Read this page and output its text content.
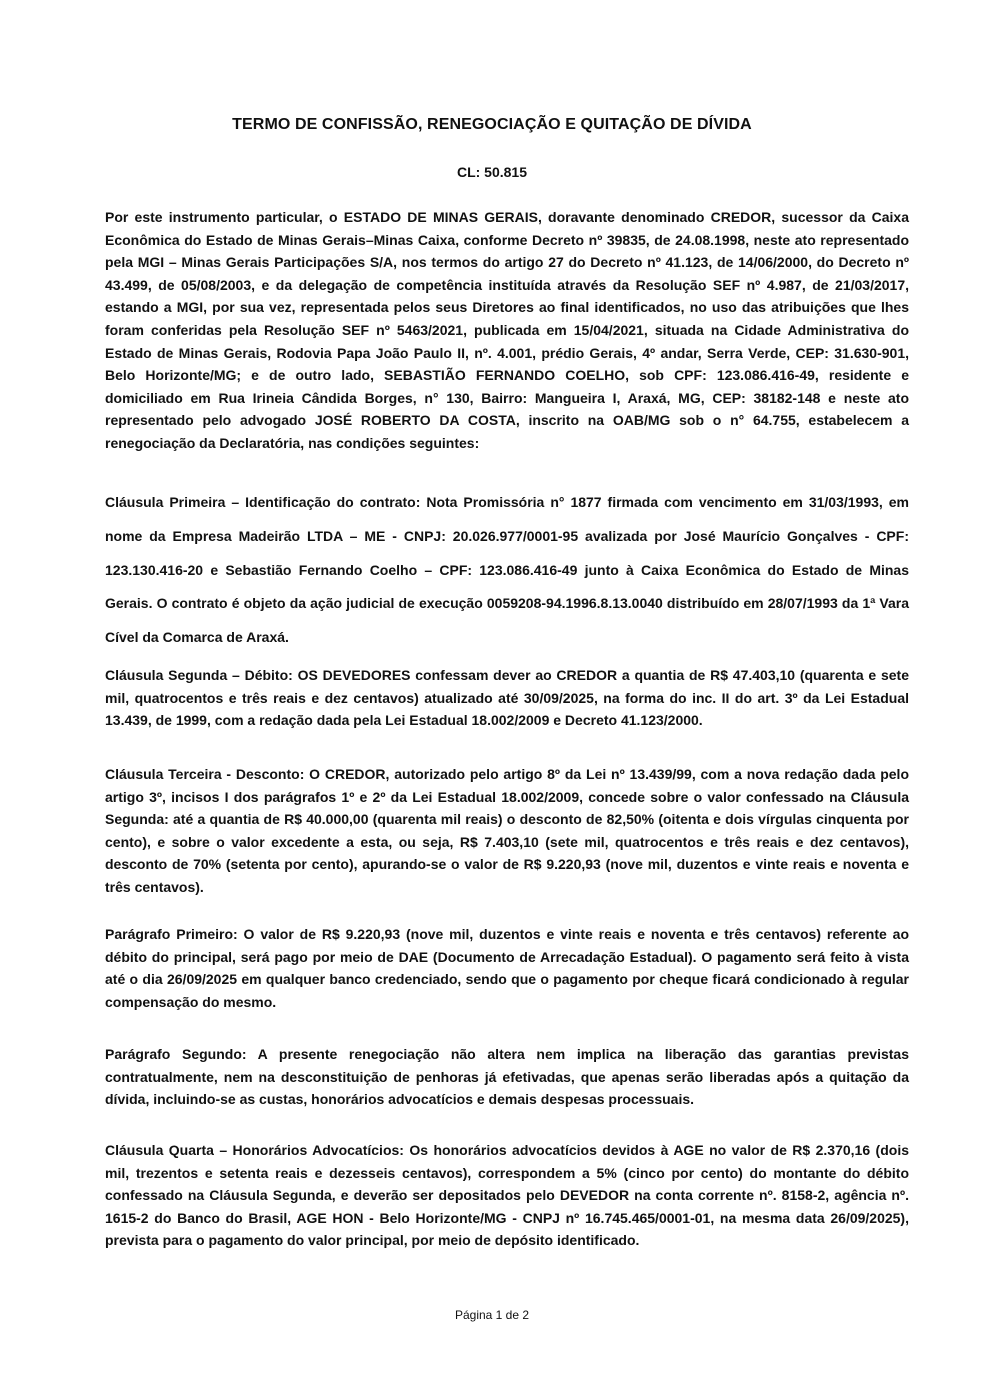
TERMO DE CONFISSÃO, RENEGOCIAÇÃO E QUITAÇÃO DE DÍVIDA
CL: 50.815
Por este instrumento particular, o ESTADO DE MINAS GERAIS, doravante denominado CREDOR, sucessor da Caixa Econômica do Estado de Minas Gerais–Minas Caixa, conforme Decreto nº 39835, de 24.08.1998, neste ato representado pela MGI – Minas Gerais Participações S/A, nos termos do artigo 27 do Decreto nº 41.123, de 14/06/2000, do Decreto nº 43.499, de 05/08/2003, e da delegação de competência instituída através da Resolução SEF nº 4.987, de 21/03/2017, estando a MGI, por sua vez, representada pelos seus Diretores ao final identificados, no uso das atribuições que lhes foram conferidas pela Resolução SEF nº 5463/2021, publicada em 15/04/2021, situada na Cidade Administrativa do Estado de Minas Gerais, Rodovia Papa João Paulo II, nº. 4.001, prédio Gerais, 4º andar, Serra Verde, CEP: 31.630-901, Belo Horizonte/MG; e de outro lado, SEBASTIÃO FERNANDO COELHO, sob CPF: 123.086.416-49, residente e domiciliado em Rua Irineia Cândida Borges, n° 130, Bairro: Mangueira I, Araxá, MG, CEP: 38182-148 e neste ato representado pelo advogado JOSÉ ROBERTO DA COSTA, inscrito na OAB/MG sob o n° 64.755, estabelecem a renegociação da Declaratória, nas condições seguintes:
Cláusula Primeira – Identificação do contrato: Nota Promissória n° 1877 firmada com vencimento em 31/03/1993, em nome da Empresa Madeirão LTDA – ME - CNPJ: 20.026.977/0001-95 avalizada por José Maurício Gonçalves - CPF: 123.130.416-20 e Sebastião Fernando Coelho – CPF: 123.086.416-49 junto à Caixa Econômica do Estado de Minas Gerais. O contrato é objeto da ação judicial de execução 0059208-94.1996.8.13.0040 distribuído em 28/07/1993 da 1ª Vara Cível da Comarca de Araxá.
Cláusula Segunda – Débito: OS DEVEDORES confessam dever ao CREDOR a quantia de R$ 47.403,10 (quarenta e sete mil, quatrocentos e três reais e dez centavos) atualizado até 30/09/2025, na forma do inc. II do art. 3º da Lei Estadual 13.439, de 1999, com a redação dada pela Lei Estadual 18.002/2009 e Decreto 41.123/2000.
Cláusula Terceira - Desconto: O CREDOR, autorizado pelo artigo 8º da Lei nº 13.439/99, com a nova redação dada pelo artigo 3º, incisos I dos parágrafos 1º e 2º da Lei Estadual 18.002/2009, concede sobre o valor confessado na Cláusula Segunda: até a quantia de R$ 40.000,00 (quarenta mil reais) o desconto de 82,50% (oitenta e dois vírgulas cinquenta por cento), e sobre o valor excedente a esta, ou seja, R$ 7.403,10 (sete mil, quatrocentos e três reais e dez centavos), desconto de 70% (setenta por cento), apurando-se o valor de R$ 9.220,93 (nove mil, duzentos e vinte reais e noventa e três centavos).
Parágrafo Primeiro: O valor de R$ 9.220,93 (nove mil, duzentos e vinte reais e noventa e três centavos) referente ao débito do principal, será pago por meio de DAE (Documento de Arrecadação Estadual). O pagamento será feito à vista até o dia 26/09/2025 em qualquer banco credenciado, sendo que o pagamento por cheque ficará condicionado à regular compensação do mesmo.
Parágrafo Segundo: A presente renegociação não altera nem implica na liberação das garantias previstas contratualmente, nem na desconstituição de penhoras já efetivadas, que apenas serão liberadas após a quitação da dívida, incluindo-se as custas, honorários advocatícios e demais despesas processuais.
Cláusula Quarta – Honorários Advocatícios: Os honorários advocatícios devidos à AGE no valor de R$ 2.370,16 (dois mil, trezentos e setenta reais e dezesseis centavos), correspondem a 5% (cinco por cento) do montante do débito confessado na Cláusula Segunda, e deverão ser depositados pelo DEVEDOR na conta corrente nº. 8158-2, agência nº. 1615-2 do Banco do Brasil, AGE HON - Belo Horizonte/MG - CNPJ nº 16.745.465/0001-01, na mesma data 26/09/2025), prevista para o pagamento do valor principal, por meio de depósito identificado.
Página 1 de 2
